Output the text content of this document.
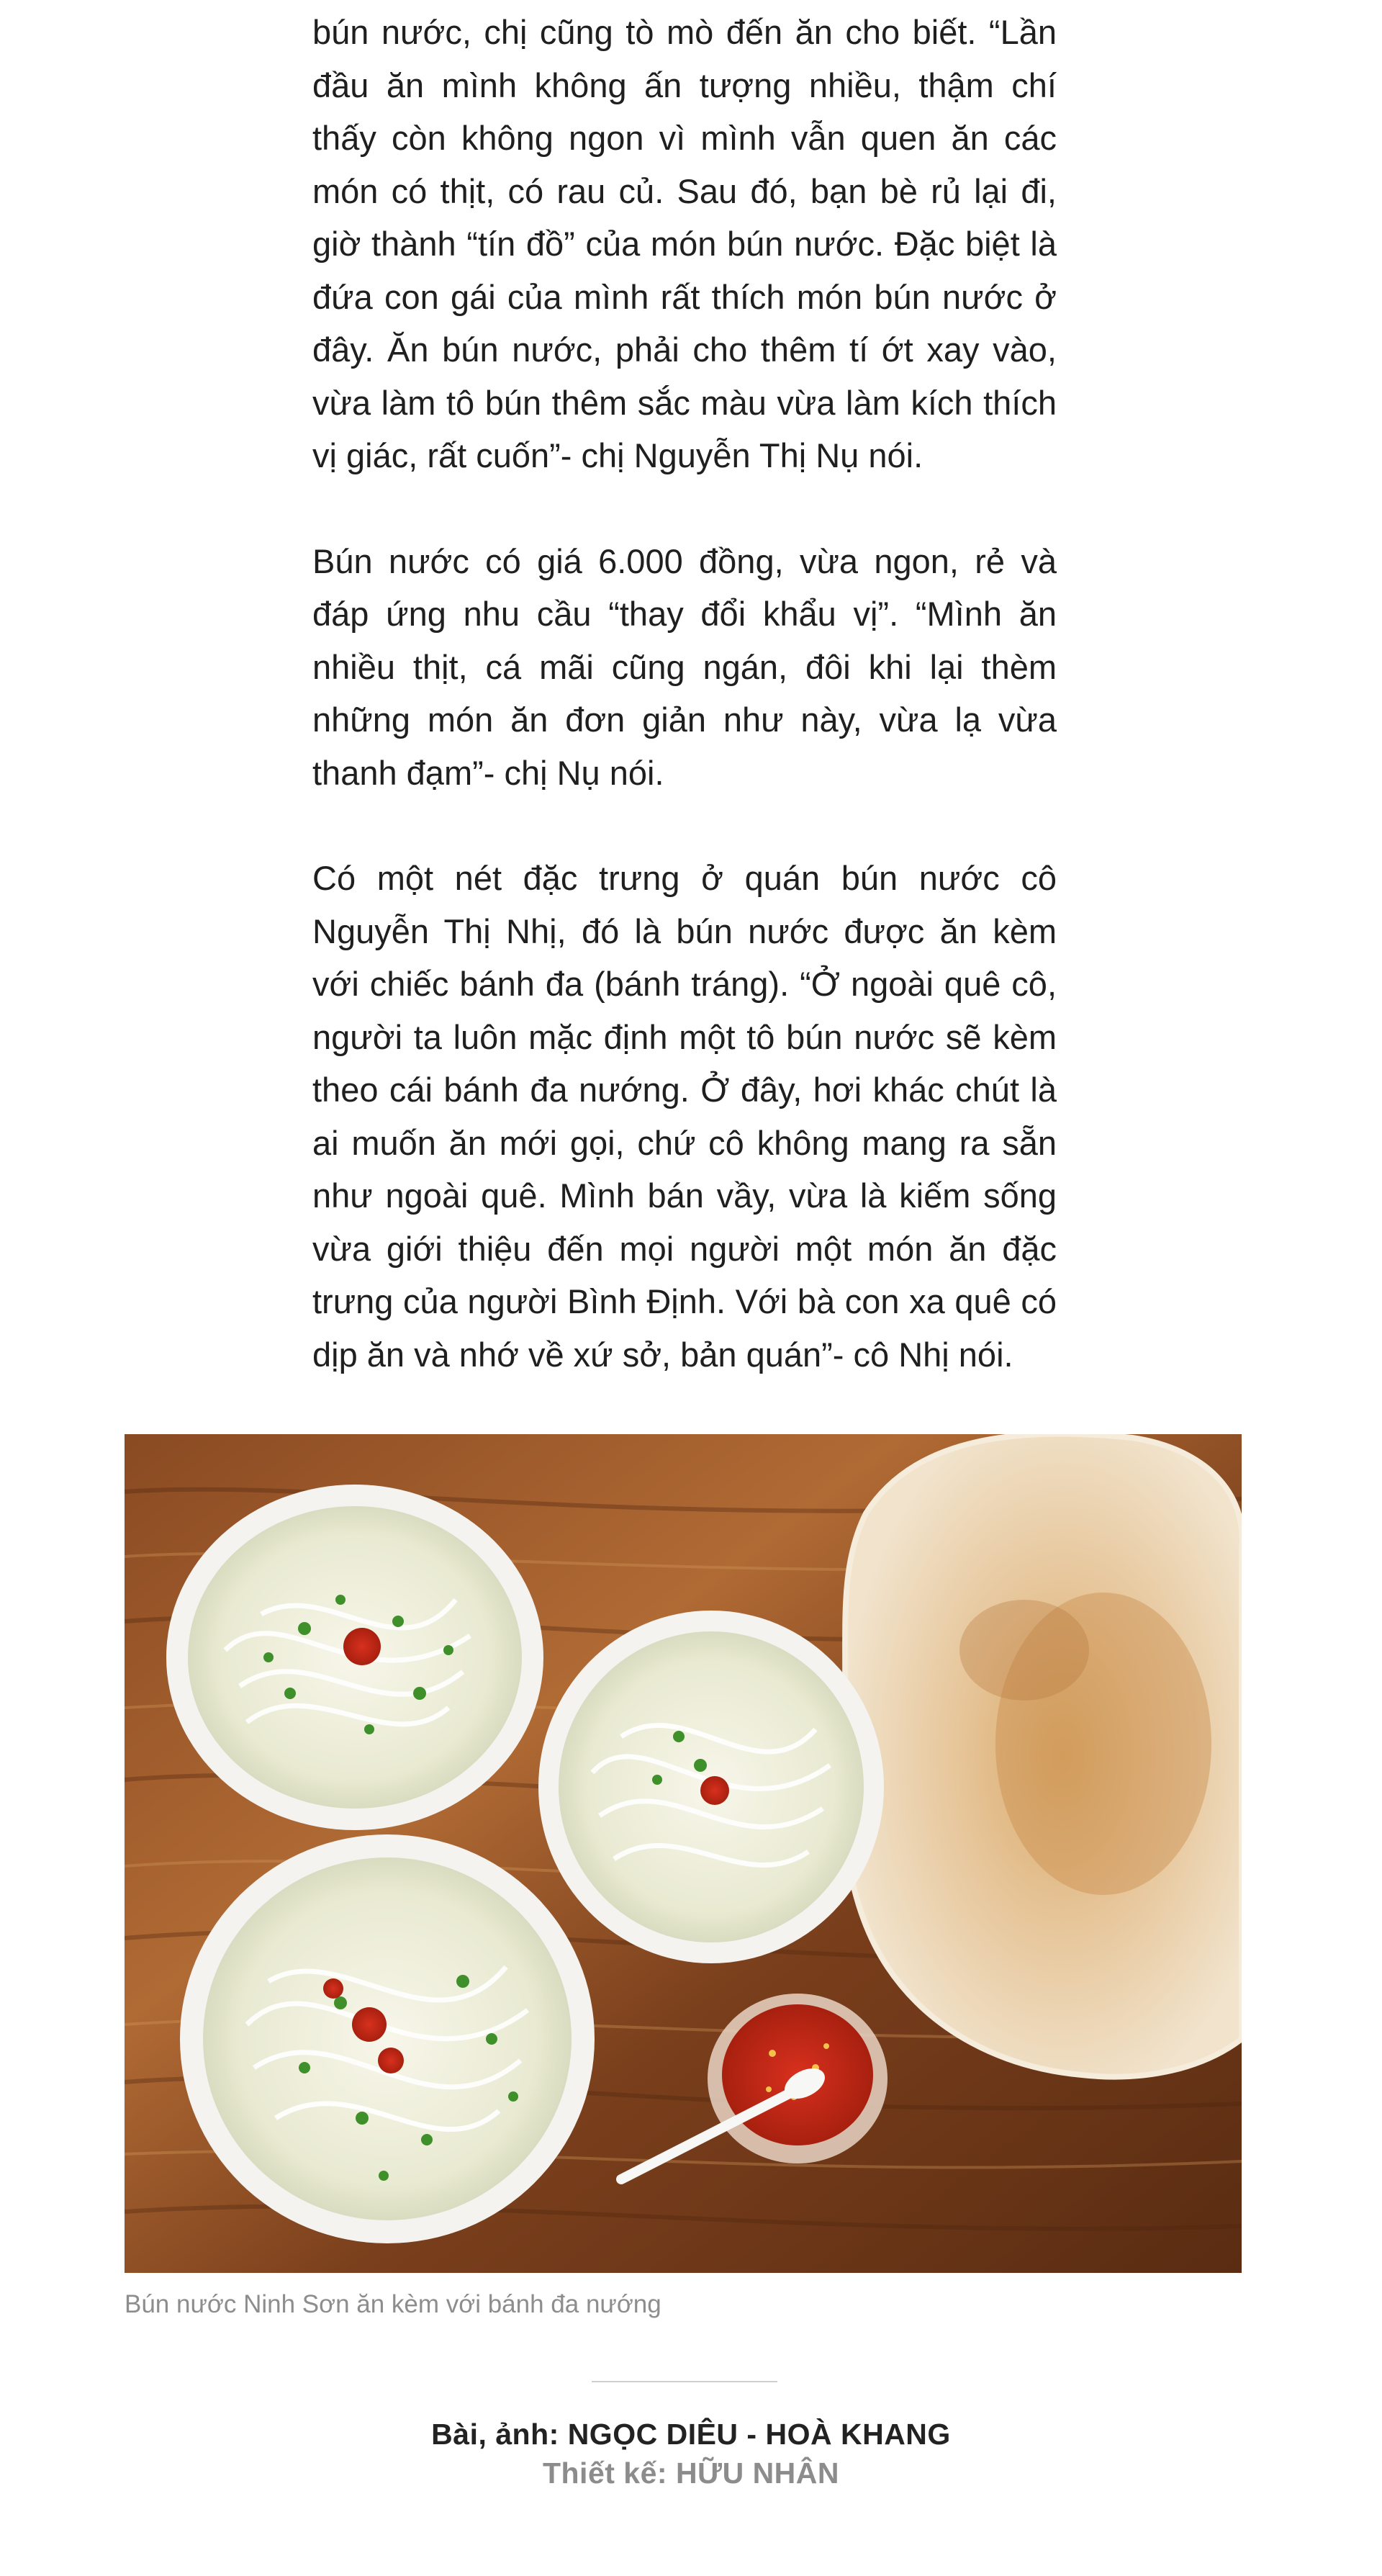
bún nước, chị cũng tò mò đến ăn cho biết. “Lần đầu ăn mình không ấn tượng nhiều, thậm chí thấy còn không ngon vì mình vẫn quen ăn các món có thịt, có rau củ. Sau đó, bạn bè rủ lại đi, giờ thành “tín đồ” của món bún nước. Đặc biệt là đứa con gái của mình rất thích món bún nước ở đây. Ăn bún nước, phải cho thêm tí ớt xay vào, vừa làm tô bún thêm sắc màu vừa làm kích thích vị giác, rất cuốn”- chị Nguyễn Thị Nụ nói.

Bún nước có giá 6.000 đồng, vừa ngon, rẻ và đáp ứng nhu cầu “thay đổi khẩu vị”. “Mình ăn nhiều thịt, cá mãi cũng ngán, đôi khi lại thèm những món ăn đơn giản như này, vừa lạ vừa thanh đạm”- chị Nụ nói.

Có một nét đặc trưng ở quán bún nước cô Nguyễn Thị Nhị, đó là bún nước được ăn kèm với chiếc bánh đa (bánh tráng). “Ở ngoài quê cô, người ta luôn mặc định một tô bún nước sẽ kèm theo cái bánh đa nướng. Ở đây, hơi khác chút là ai muốn ăn mới gọi, chứ cô không mang ra sẵn như ngoài quê. Mình bán vầy, vừa là kiếm sống vừa giới thiệu đến mọi người một món ăn đặc trưng của người Bình Định. Với bà con xa quê có dịp ăn và nhớ về xứ sở, bản quán”- cô Nhị nói.

Bún nước Ninh Sơn ăn kèm với bánh đa nướng
Bài, ảnh: NGỌC DIÊU - HOÀ KHANG
Thiết kế: HỮU NHÂN
